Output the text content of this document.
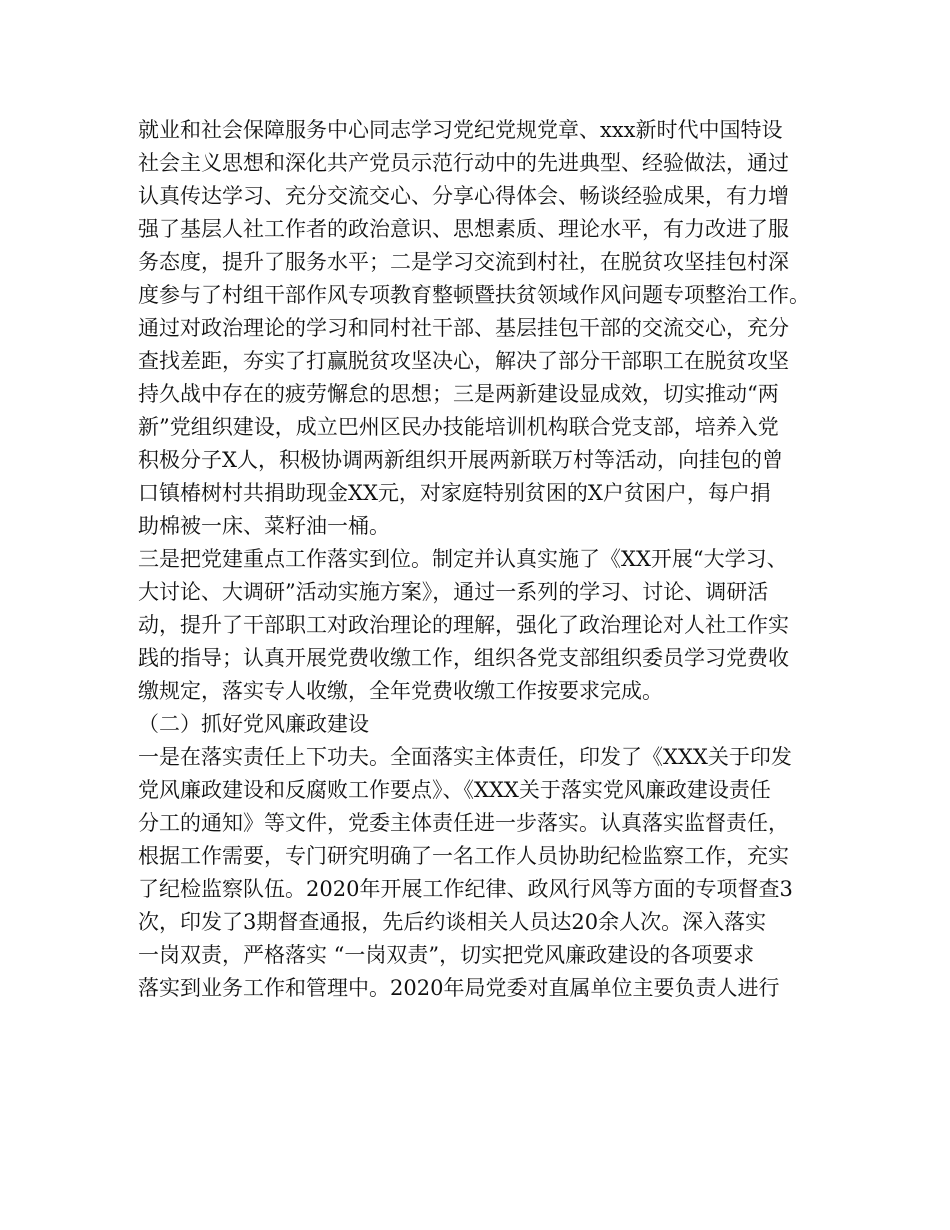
就业和社会保障服务中心同志学习党纪党规党章、xxx新时代中国特设
社会主义思想和深化共产党员示范行动中的先进典型、经验做法，通过
认真传达学习、充分交流交心、分享心得体会、畅谈经验成果，有力增
强了基层人社工作者的政治意识、思想素质、理论水平，有力改进了服
务态度，提升了服务水平；二是学习交流到村社，在脱贫攻坚挂包村深
度参与了村组干部作风专项教育整顿暨扶贫领域作风问题专项整治工作。
通过对政治理论的学习和同村社干部、基层挂包干部的交流交心，充分
查找差距，夯实了打赢脱贫攻坚决心，解决了部分干部职工在脱贫攻坚
持久战中存在的疲劳懈怠的思想；三是两新建设显成效，切实推动“两
新”党组织建设，成立巴州区民办技能培训机构联合党支部，培养入党
积极分子X人，积极协调两新组织开展两新联万村等活动，向挂包的曾
口镇椿树村共捐助现金XX元，对家庭特别贫困的X户贫困户，每户捐
助棉被一床、菜籽油一桶。
三是把党建重点工作落实到位。制定并认真实施了《XX开展“大学习、
大讨论、大调研”活动实施方案》，通过一系列的学习、讨论、调研活
动，提升了干部职工对政治理论的理解，强化了政治理论对人社工作实
践的指导；认真开展党费收缴工作，组织各党支部组织委员学习党费收
缴规定，落实专人收缴，全年党费收缴工作按要求完成。
（二）抓好党风廉政建设
一是在落实责任上下功夫。全面落实主体责任，印发了《XXX关于印发
党风廉政建设和反腐败工作要点》、《XXX关于落实党风廉政建设责任
分工的通知》等文件，党委主体责任进一步落实。认真落实监督责任，
根据工作需要，专门研究明确了一名工作人员协助纪检监察工作，充实
了纪检监察队伍。2020年开展工作纪律、政风行风等方面的专项督查3
次，印发了3期督查通报，先后约谈相关人员达20余人次。深入落实
一岗双责，严格落实 “一岗双责”，切实把党风廉政建设的各项要求
落实到业务工作和管理中。2020年局党委对直属单位主要负责人进行
